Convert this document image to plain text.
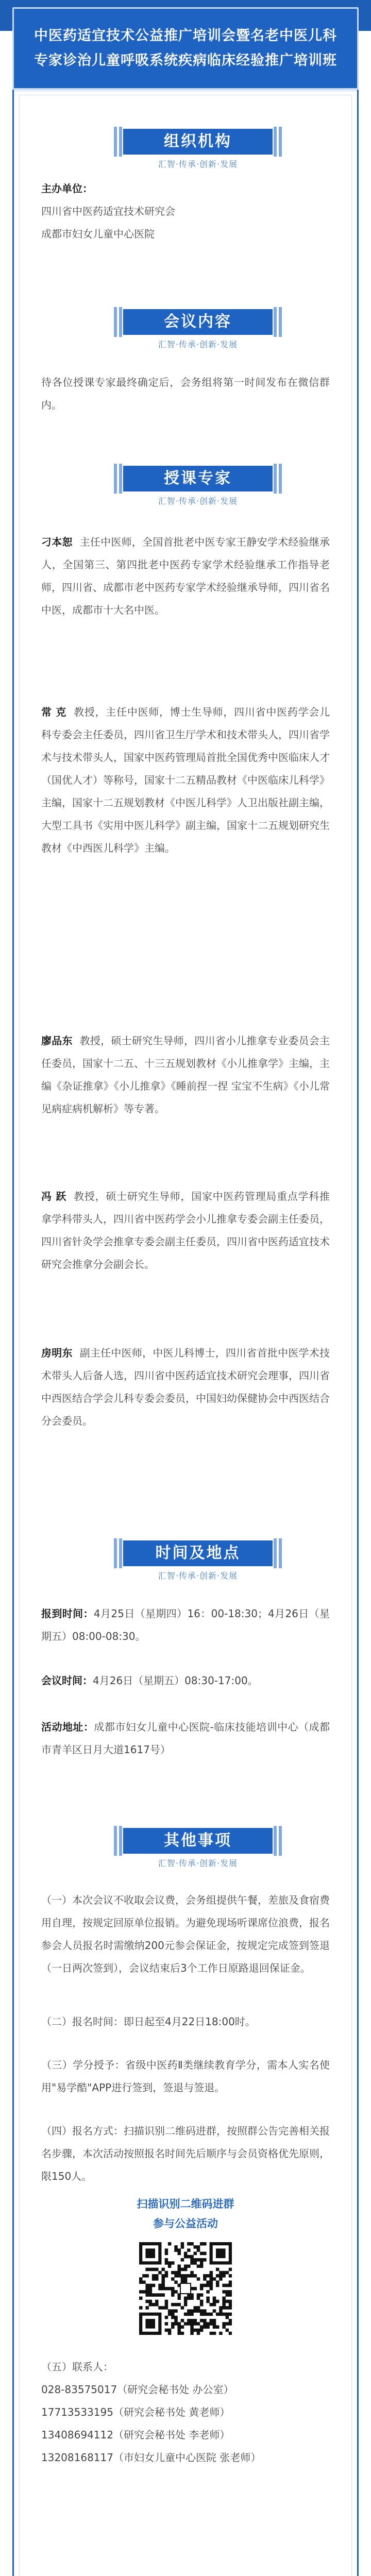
中医药适宜技术公益推广培训会暨名老中医儿科专家诊治儿童呼吸系统疾病临床经验推广培训班
组织机构
汇智·传承·创新·发展
主办单位：
四川省中医药适宜技术研究会
成都市妇女儿童中心医院
会议内容
汇智·传承·创新·发展
待各位授课专家最终确定后，会务组将第一时间发布在微信群内。
授课专家
汇智·传承·创新·发展
刁本恕 主任中医师，全国首批老中医专家王静安学术经验继承人，全国第三、第四批老中医药专家学术经验继承工作指导老师，四川省、成都市老中医药专家学术经验继承导师，四川省名中医，成都市十大名中医。
常 克 教授，主任中医师，博士生导师，四川省中医药学会儿科专委会主任委员，四川省卫生厅学术和技术带头人，四川省学术与技术带头人，国家中医药管理局首批全国优秀中医临床人才（国优人才）等称号，国家十二五精品教材《中医临床儿科学》主编，国家十二五规划教材《中医儿科学》人卫出版社副主编，大型工具书《实用中医儿科学》副主编，国家十二五规划研究生教材《中西医儿科学》主编。
廖品东 教授，硕士研究生导师，四川省小儿推拿专业委员会主任委员，国家十二五、十三五规划教材《小儿推拿学》主编，主编《杂证推拿》《小儿推拿》《睡前捏一捏 宝宝不生病》《小儿常见病症病机解析》等专著。
冯 跃 教授，硕士研究生导师，国家中医药管理局重点学科推拿学科带头人，四川省中医药学会小儿推拿专委会副主任委员，四川省针灸学会推拿专委会副主任委员，四川省中医药适宜技术研究会推拿分会副会长。
房明东 副主任中医师，中医儿科博士，四川省首批中医学术技术带头人后备人选，四川省中医药适宜技术研究会理事，四川省中西医结合学会儿科专委会委员，中国妇幼保健协会中西医结合分会委员。
时间及地点
汇智·传承·创新·发展
报到时间：4月25日（星期四）16：00-18:30；4月26日（星期五）08:00-08:30。
会议时间：4月26日（星期五）08:30-17:00。
活动地址：成都市妇女儿童中心医院-临床技能培训中心（成都市青羊区日月大道1617号）
其他事项
汇智·传承·创新·发展
（一）本次会议不收取会议费，会务组提供午餐，差旅及食宿费用自理，按规定回原单位报销。为避免现场听课席位浪费，报名参会人员报名时需缴纳200元参会保证金，按规定完成签到签退（一日两次签到），会议结束后3个工作日原路退回保证金。
（二）报名时间：即日起至4月22日18:00时。
（三）学分授予：省级中医药Ⅱ类继续教育学分，需本人实名使用"易学酷"APP进行签到，签退与签退。
（四）报名方式：扫描识别二维码进群，按照群公告完善相关报名步骤，本次活动按照报名时间先后顺序与会员资格优先原则，限150人。
扫描识别二维码进群
参与公益活动
（五）联系人：
028-83575017（研究会秘书处 办公室）
17713533195（研究会秘书处 黄老师）
13408694112（研究会秘书处 李老师）
13208168117（市妇女儿童中心医院 张老师）
